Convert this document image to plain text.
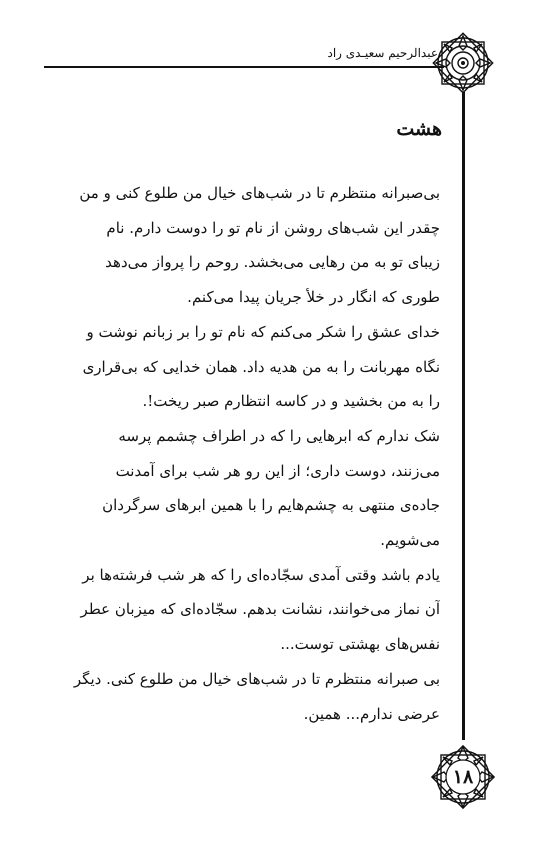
عبدالرحیم سعیـدی راد
۱۸
هشت
بی‌صبرانه منتظرم تا در شب‌های خیال من طلوع کنی و من
چقدر این شب‌های روشن از نام تو را دوست دارم. نام
زیبای تو به من رهایی می‌بخشد. روحم را پرواز می‌دهد
طوری که انگار در خلأ جریان پیدا می‌کنم.
خدای عشق را شکر می‌کنم که نام تو را بر زبانم نوشت و
نگاه مهربانت را به من هدیه داد. همان خدایی که بی‌قراری
را به من بخشید و در کاسه انتظارم صبر ریخت!.
شک ندارم که ابرهایی را که در اطراف چشمم پرسه
می‌زنند، دوست داری؛ از این رو هر شب برای آمدنت
جاده‌ی منتهی به چشم‌هایم را با همین ابرهای سرگردان
می‌شویم.
یادم باشد وقتی آمدی سجّاده‌ای را که هر شب فرشته‌ها بر
آن نماز می‌خوانند، نشانت بدهم. سجّاده‌ای که میزبان عطر
نفس‌های بهشتی توست...
بی صبرانه منتظرم تا در شب‌های خیال من طلوع کنی. دیگر
عرضی ندارم... همین.
